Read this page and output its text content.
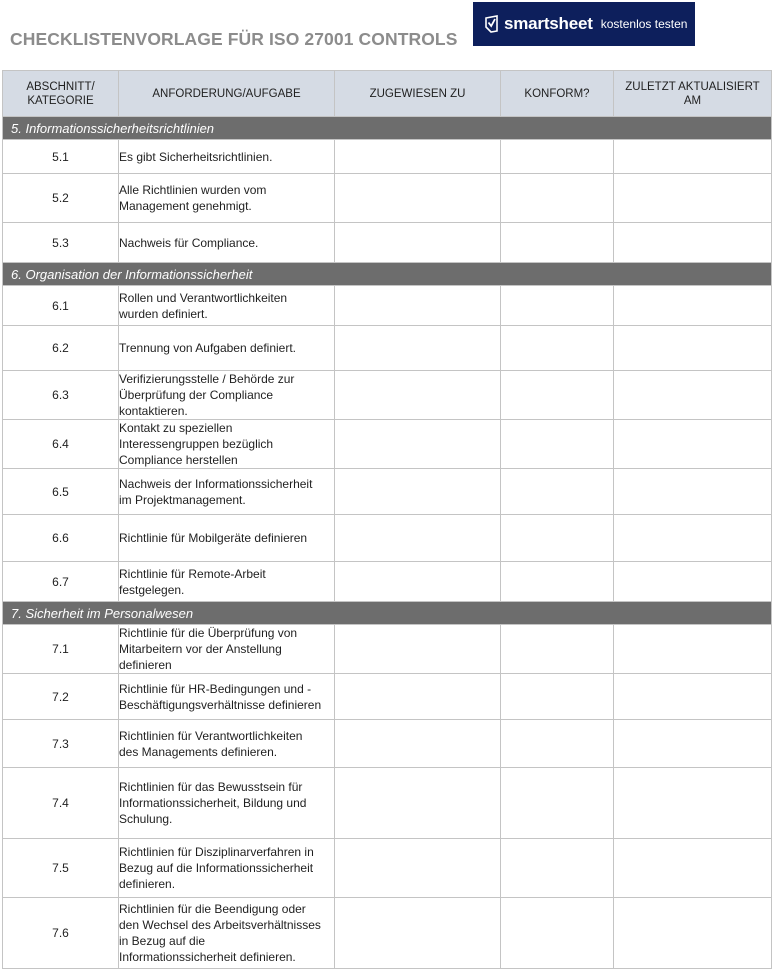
CHECKLISTENVORLAGE FÜR ISO 27001 CONTROLS
smartsheet kostenlos testen
ABSCHNITT/
KATEGORIE	ANFORDERUNG/AUFGABE	ZUGEWIESEN ZU	KONFORM?	ZULETZT AKTUALISIERT
AM
5. Informationssicherheitsrichtlinien				
5.1	Es gibt Sicherheitsrichtlinien.			
5.2	Alle Richtlinien wurden vom
Management genehmigt.			
5.3	Nachweis für Compliance.			
6. Organisation der Informationssicherheit				
6.1	Rollen und Verantwortlichkeiten
wurden definiert.			
6.2	Trennung von Aufgaben definiert.			
6.3	Verifizierungsstelle / Behörde zur
Überprüfung der Compliance
kontaktieren.			
6.4	Kontakt zu speziellen
Interessengruppen bezüglich
Compliance herstellen			
6.5	Nachweis der Informationssicherheit
im Projektmanagement.			
6.6	Richtlinie für Mobilgeräte definieren			
6.7	Richtlinie für Remote-Arbeit
festgelegen.			
7. Sicherheit im Personalwesen				
7.1	Richtlinie für die Überprüfung von
Mitarbeitern vor der Anstellung
definieren			
7.2	Richtlinie für HR-Bedingungen und -
Beschäftigungsverhältnisse definieren			
7.3	Richtlinien für Verantwortlichkeiten
des Managements definieren.			
7.4	Richtlinien für das Bewusstsein für
Informationssicherheit, Bildung und
Schulung.			
7.5	Richtlinien für Disziplinarverfahren in
Bezug auf die Informationssicherheit
definieren.			
7.6	Richtlinien für die Beendigung oder
den Wechsel des Arbeitsverhältnisses
in Bezug auf die
Informationssicherheit definieren.			
